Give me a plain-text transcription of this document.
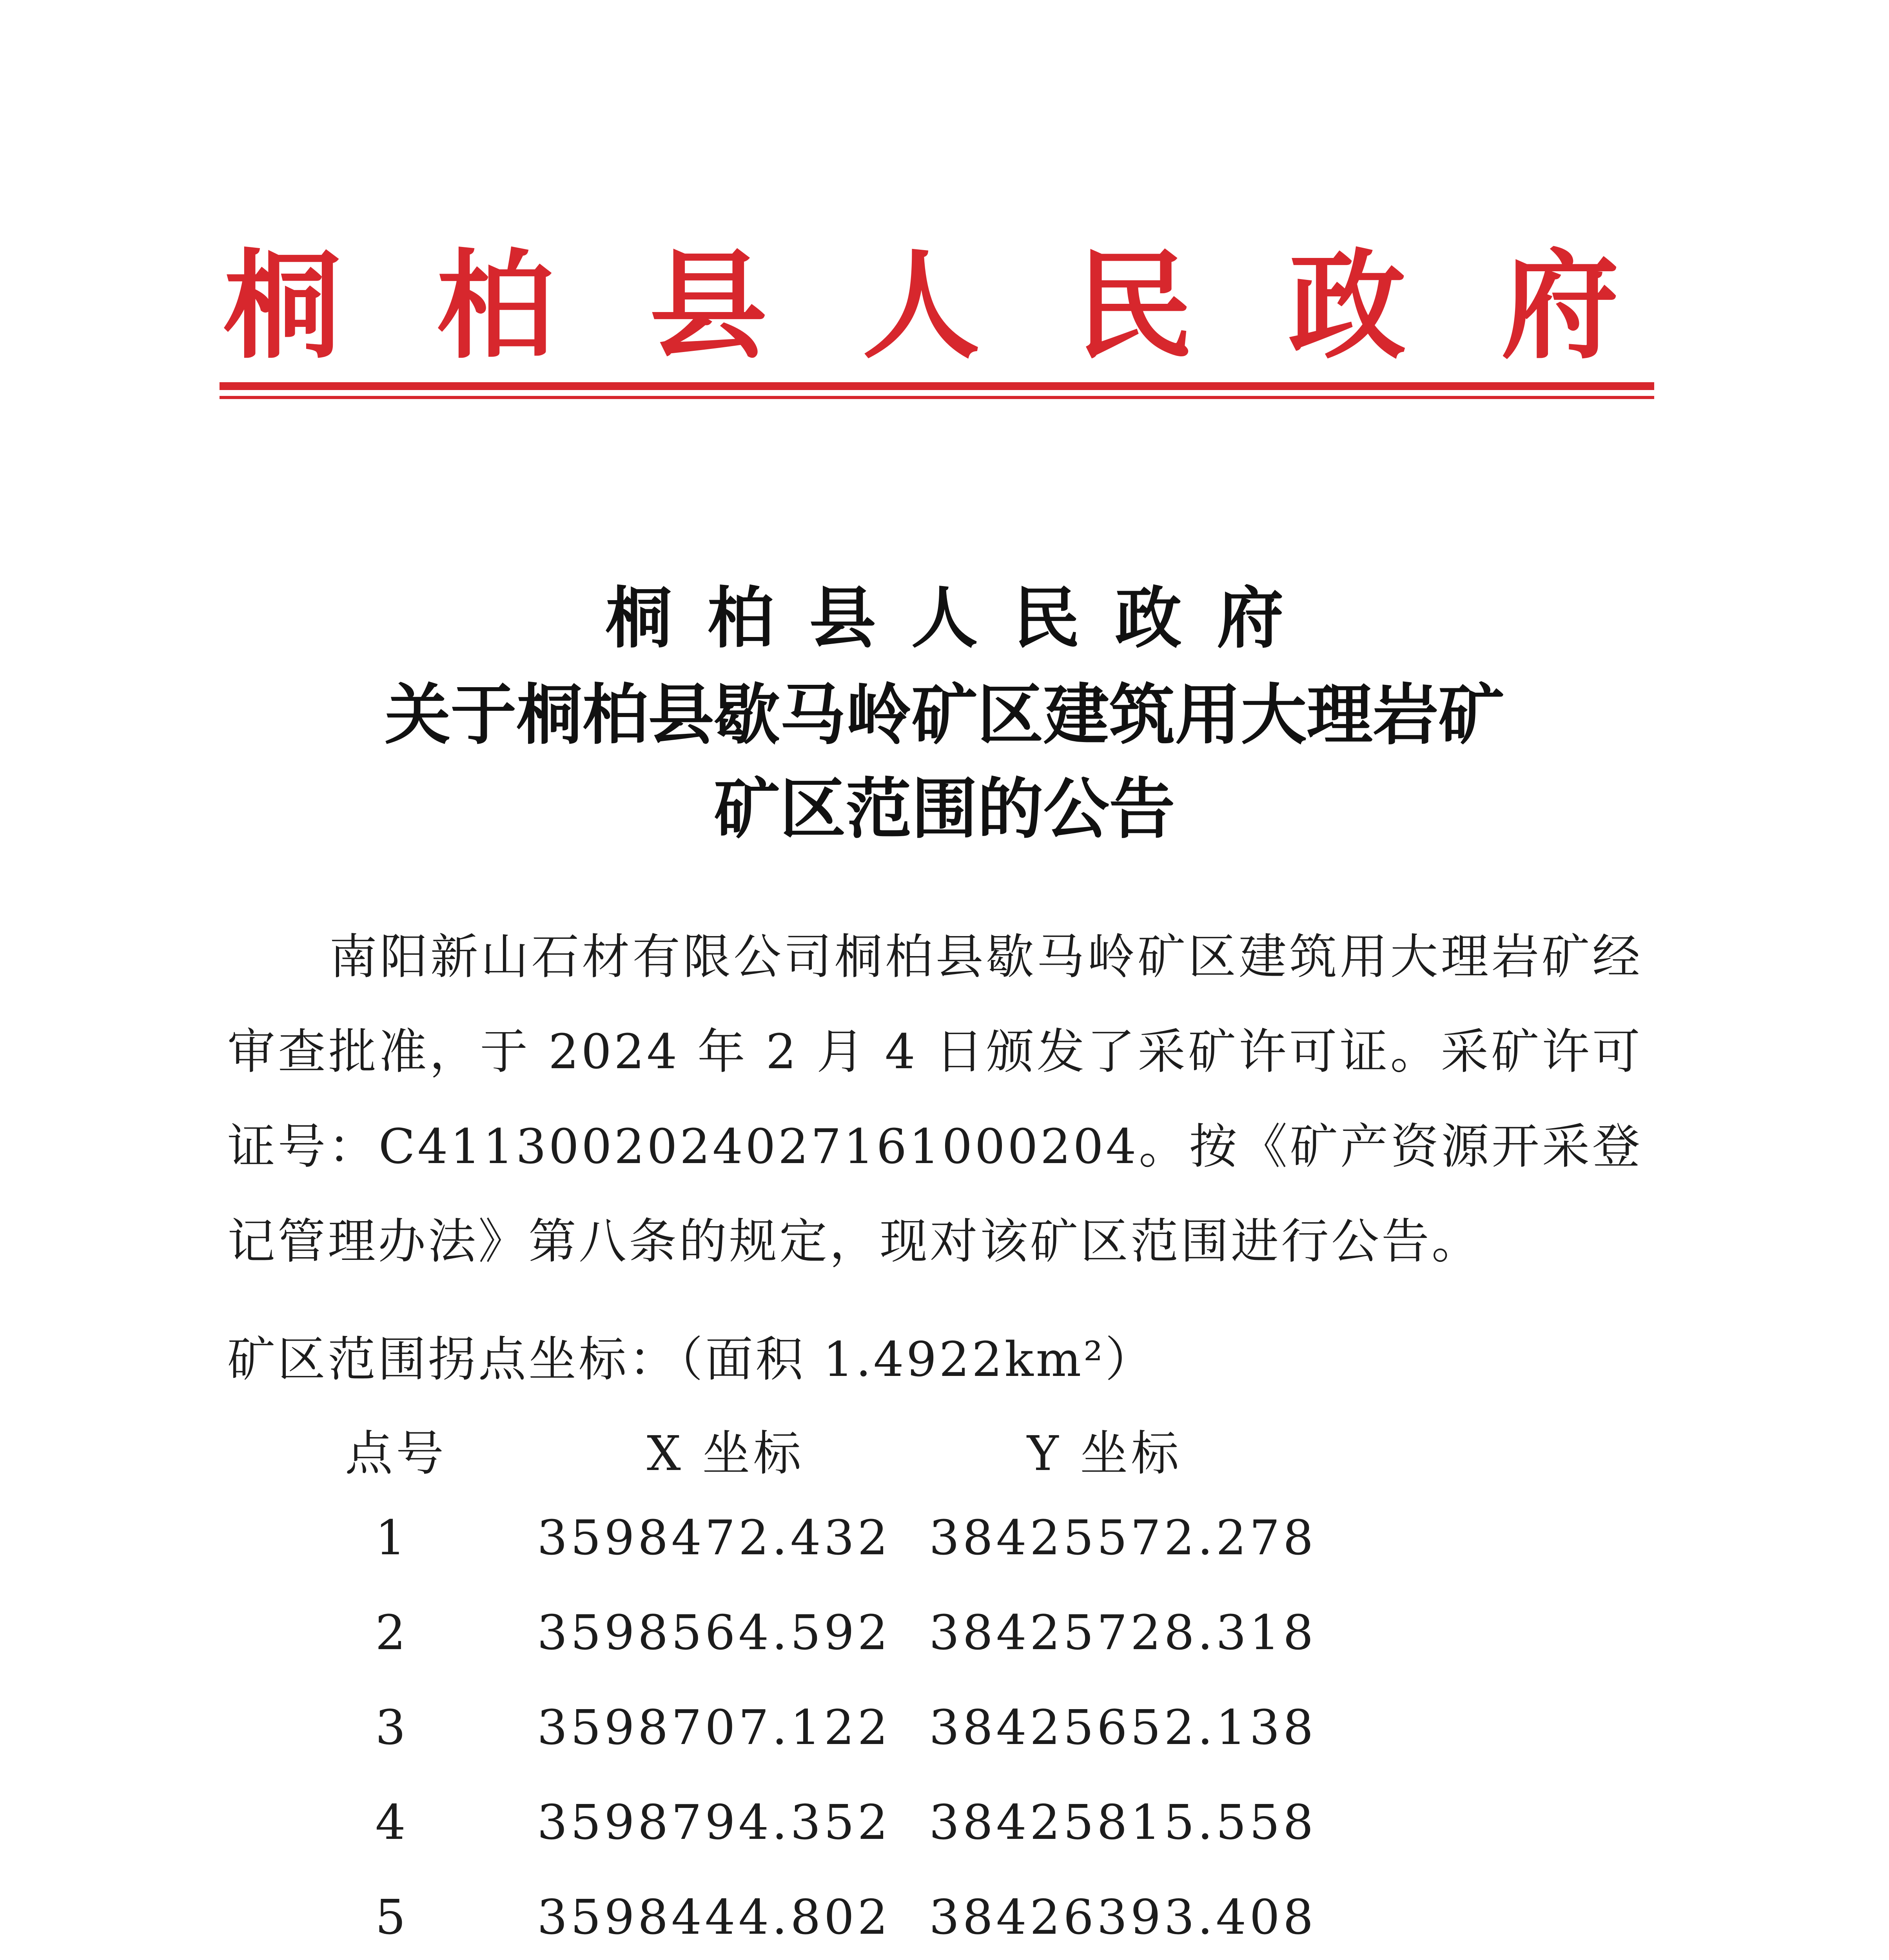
桐 柏 县 人 民 政 府
桐柏县人民政府
关于桐柏县歇马岭矿区建筑用大理岩矿
矿区范围的公告

南阳新山石材有限公司桐柏县歇马岭矿区建筑用大理岩矿经审查批准，于 2024 年 2 月 4 日颁发了采矿许可证。采矿许可证号：C4113002024027161000204。按《矿产资源开采登记管理办法》第八条的规定，现对该矿区范围进行公告。

矿区范围拐点坐标：（面积 1.4922km²）
点号	X 坐标	Y 坐标
1	3598472.432 38425572.278
2	3598564.592 38425728.318
3	3598707.122 38425652.138
4	3598794.352 38425815.558
5	3598444.802 38426393.408
